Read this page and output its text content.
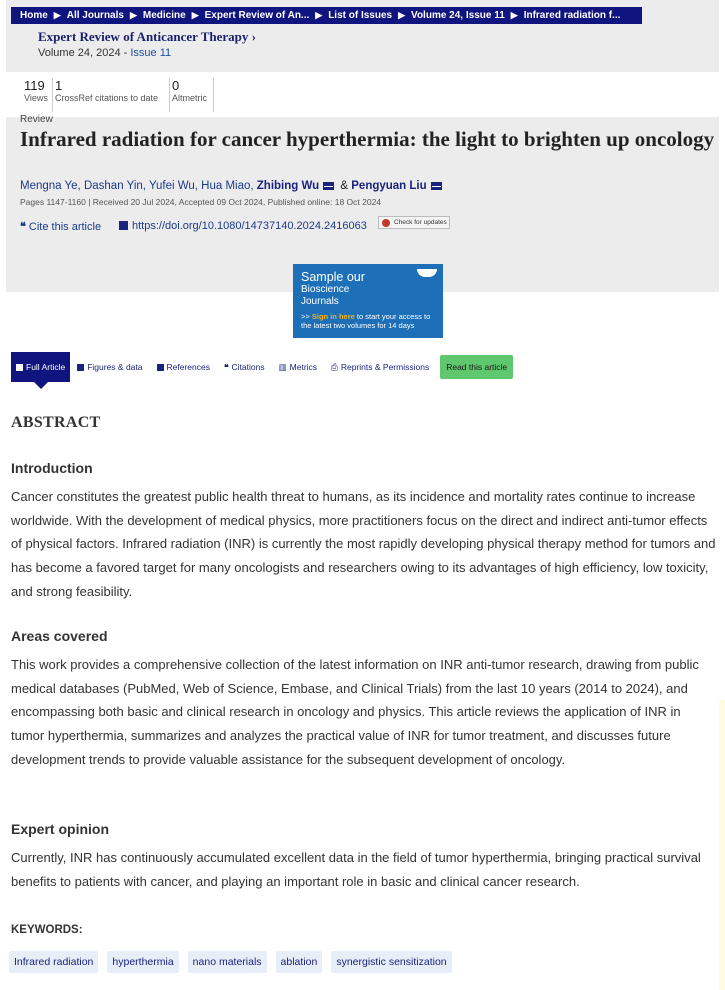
Home ▶ All Journals ▶ Medicine ▶ Expert Review of An... ▶ List of Issues ▶ Volume 24, Issue 11 ▶ Infrared radiation f...
Expert Review of Anticancer Therapy ›
Volume 24, 2024 - Issue 11
119
Views
1
CrossRef citations to date
0
Altmetric
Review
Infrared radiation for cancer hyperthermia: the light to brighten up oncology
Mengna Ye, Dashan Yin, Yufei Wu, Hua Miao, Zhibing Wu & Pengyuan Liu
Pages 1147-1160 | Received 20 Jul 2024, Accepted 09 Oct 2024, Published online: 18 Oct 2024
❝ Cite this article	https://doi.org/10.1080/14737140.2024.2416063	Check for updates
Sample our
Bioscience
Journals
>> Sign in here to start your access to the latest two volumes for 14 days
Full Article	Figures & data	References ❝ Citations ▥ Metrics ⎙ Reprints & Permissions Read this article
ABSTRACT
Introduction
Cancer constitutes the greatest public health threat to humans, as its incidence and mortality rates continue to increase worldwide. With the development of medical physics, more practitioners focus on the direct and indirect anti-tumor effects of physical factors. Infrared radiation (INR) is currently the most rapidly developing physical therapy method for tumors and has become a favored target for many oncologists and researchers owing to its advantages of high efficiency, low toxicity, and strong feasibility.
Areas covered
This work provides a comprehensive collection of the latest information on INR anti-tumor research, drawing from public medical databases (PubMed, Web of Science, Embase, and Clinical Trials) from the last 10 years (2014 to 2024), and encompassing both basic and clinical research in oncology and physics. This article reviews the application of INR in tumor hyperthermia, summarizes and analyzes the practical value of INR for tumor treatment, and discusses future development trends to provide valuable assistance for the subsequent development of oncology.
Expert opinion
Currently, INR has continuously accumulated excellent data in the field of tumor hyperthermia, bringing practical survival benefits to patients with cancer, and playing an important role in basic and clinical cancer research.
KEYWORDS:
Infrared radiation	hyperthermia	nano materials	ablation	synergistic sensitization
